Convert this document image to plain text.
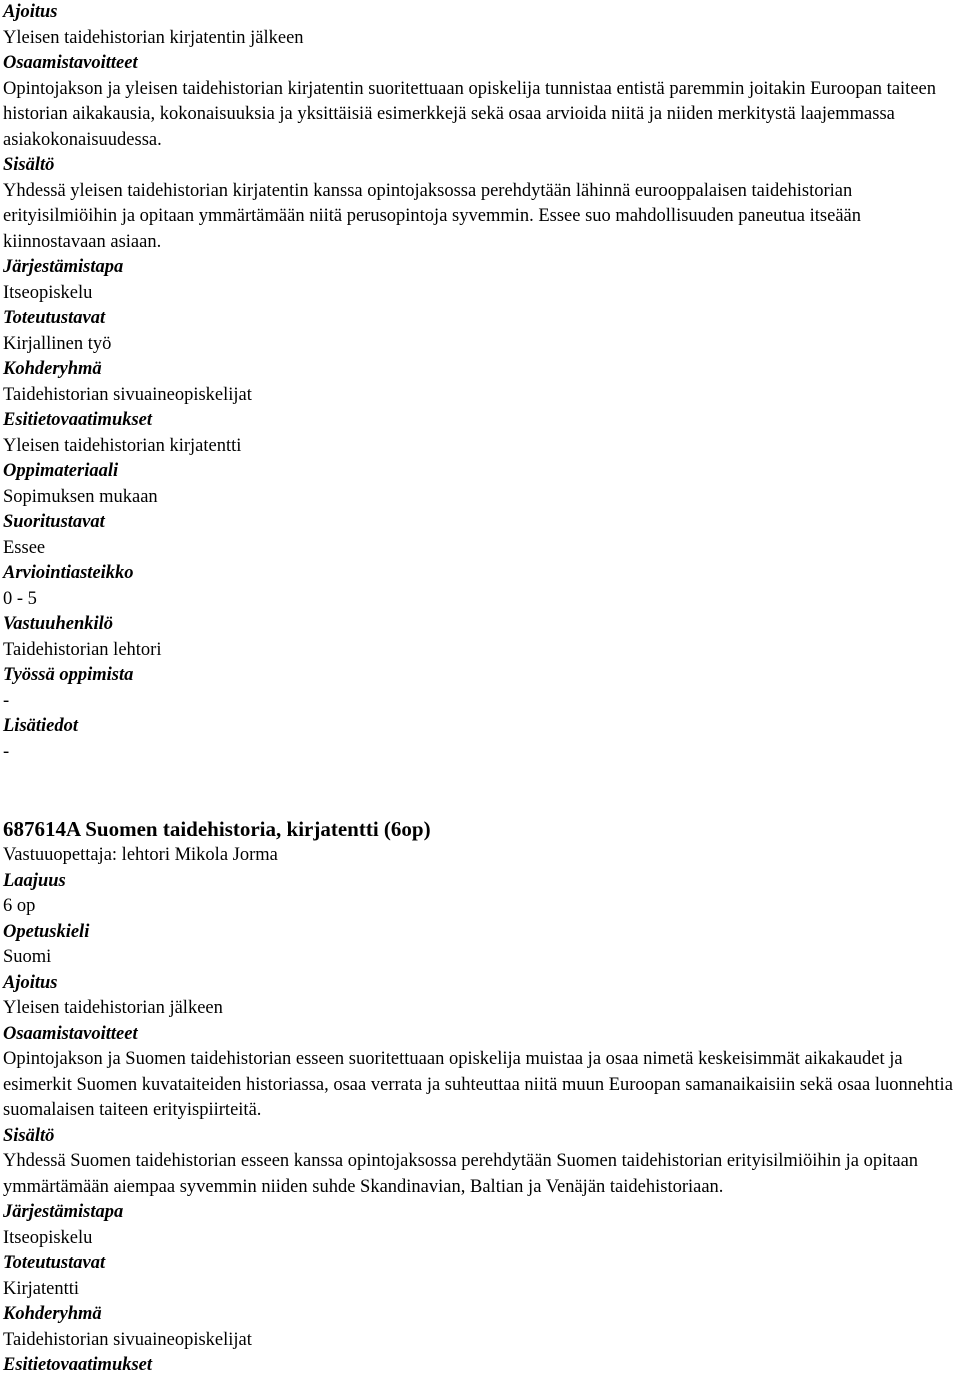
Ajoitus
Yleisen taidehistorian kirjatentin jälkeen
Osaamistavoitteet
Opintojakson ja yleisen taidehistorian kirjatentin suoritettuaan opiskelija tunnistaa entistä paremmin joitakin Euroopan taiteen historian aikakausia, kokonaisuuksia ja yksittäisiä esimerkkejä sekä osaa arvioida niitä ja niiden merkitystä laajemmassa asiakokonaisuudessa.
Sisältö
Yhdessä yleisen taidehistorian kirjatentin kanssa opintojaksossa perehdytään lähinnä eurooppalaisen taidehistorian erityisilmiöihin ja opitaan ymmärtämään niitä perusopintoja syvemmin. Essee suo mahdollisuuden paneutua itseään kiinnostavaan asiaan.
Järjestämistapa
Itseopiskelu
Toteutustavat
Kirjallinen työ
Kohderyhmä
Taidehistorian sivuaineopiskelijat
Esitietovaatimukset
Yleisen taidehistorian kirjatentti
Oppimateriaali
Sopimuksen mukaan
Suoritustavat
Essee
Arviointiasteikko
0 - 5
Vastuuhenkilö
Taidehistorian lehtori
Työssä oppimista
-
Lisätiedot
-
687614A Suomen taidehistoria, kirjatentti (6op)
Vastuuopettaja: lehtori Mikola Jorma
Laajuus
6 op
Opetuskieli
Suomi
Ajoitus
Yleisen taidehistorian jälkeen
Osaamistavoitteet
Opintojakson ja Suomen taidehistorian esseen suoritettuaan opiskelija muistaa ja osaa nimetä keskeisimmät aikakaudet ja esimerkit Suomen kuvataiteiden historiassa, osaa verrata ja suhteuttaa niitä muun Euroopan samanaikaisiin sekä osaa luonnehtia suomalaisen taiteen erityispiirteitä.
Sisältö
Yhdessä Suomen taidehistorian esseen kanssa opintojaksossa perehdytään Suomen taidehistorian erityisilmiöihin ja opitaan ymmärtämään aiempaa syvemmin niiden suhde Skandinavian, Baltian ja Venäjän taidehistoriaan.
Järjestämistapa
Itseopiskelu
Toteutustavat
Kirjatentti
Kohderyhmä
Taidehistorian sivuaineopiskelijat
Esitietovaatimukset
